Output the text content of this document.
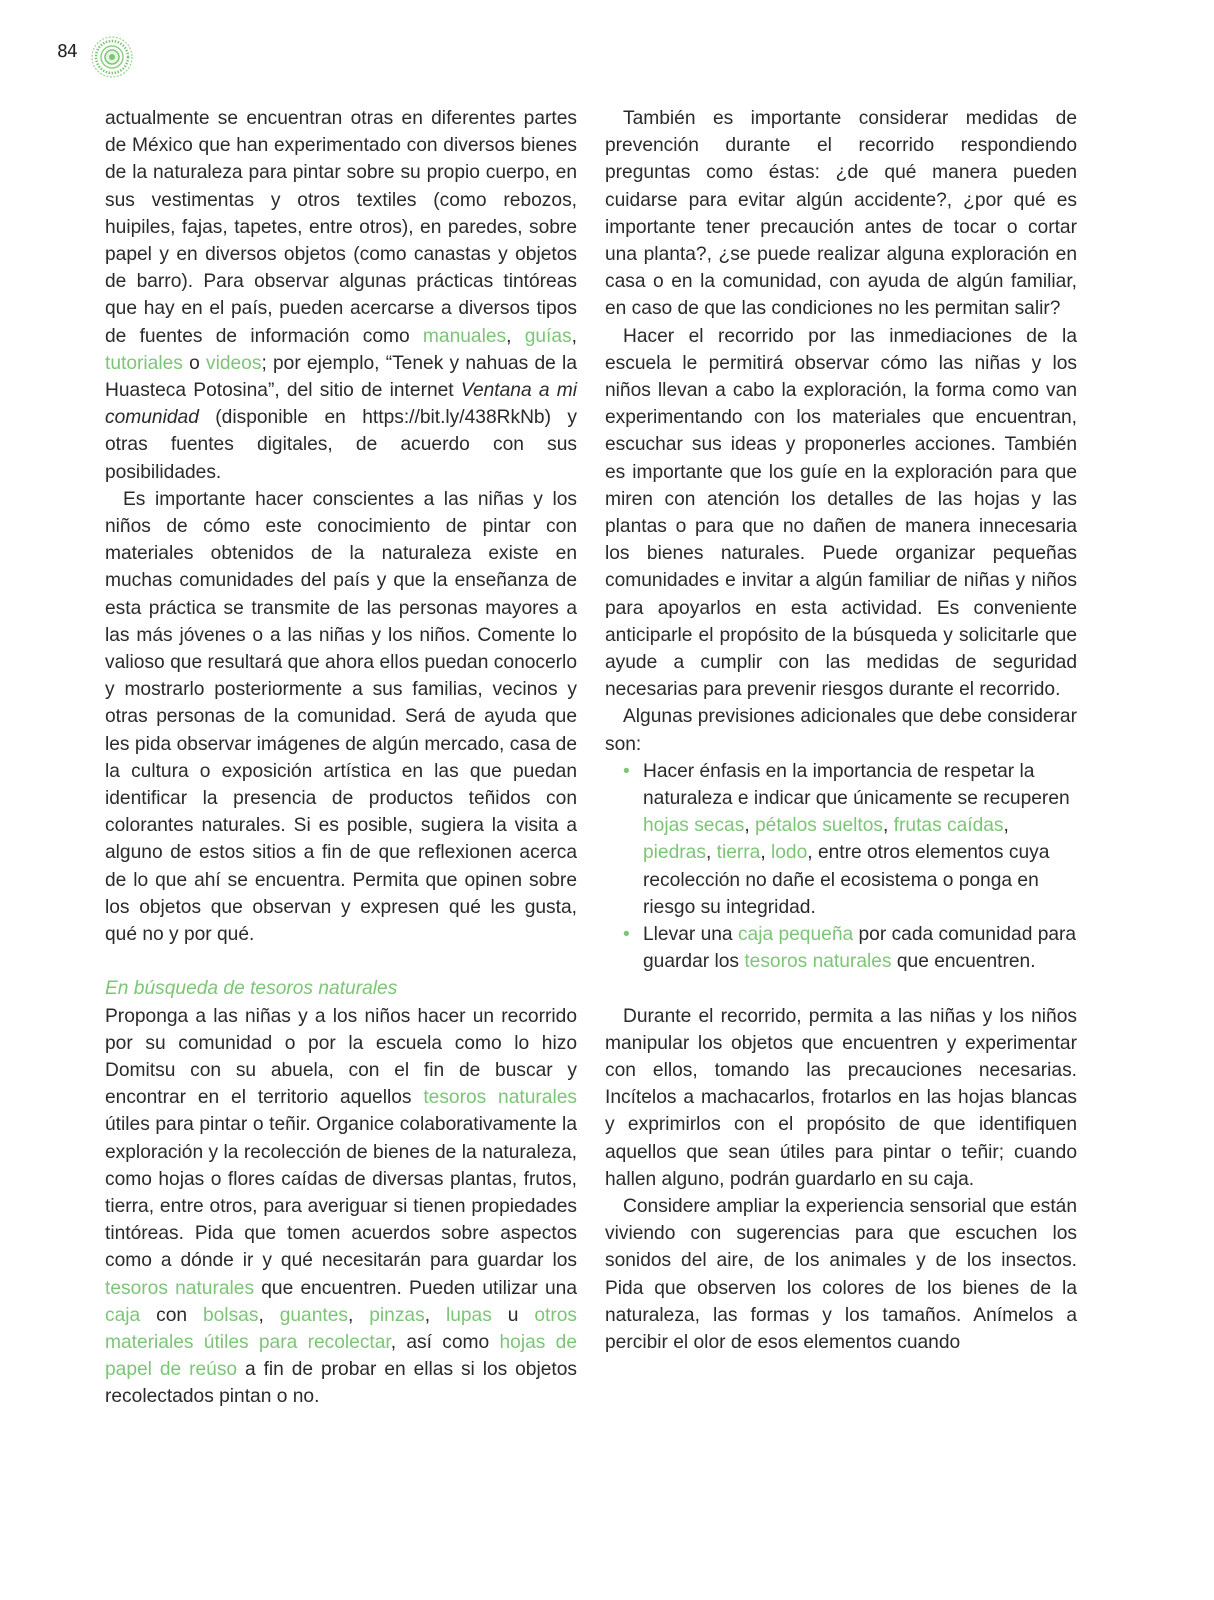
84

actualmente se encuentran otras en diferentes partes de México que han experimentado con diversos bienes de la naturaleza para pintar sobre su propio cuerpo, en sus vestimentas y otros textiles (como rebozos, huipiles, fajas, tapetes, entre otros), en paredes, sobre papel y en diversos objetos (como canastas y objetos de barro). Para observar algunas prácticas tintóreas que hay en el país, pueden acercarse a diversos tipos de fuentes de información como manuales, guías, tutoriales o videos; por ejemplo, “Tenek y nahuas de la Huasteca Potosina”, del sitio de internet Ventana a mi comunidad (disponible en https://bit.ly/438RkNb) y otras fuentes digitales, de acuerdo con sus posibilidades.

Es importante hacer conscientes a las niñas y los niños de cómo este conocimiento de pintar con materiales obtenidos de la naturaleza existe en muchas comunidades del país y que la enseñanza de esta práctica se transmite de las personas mayores a las más jóvenes o a las niñas y los niños. Comente lo valioso que resultará que ahora ellos puedan conocerlo y mostrarlo posteriormente a sus familias, vecinos y otras personas de la comunidad. Será de ayuda que les pida observar imágenes de algún mercado, casa de la cultura o exposición artística en las que puedan identificar la presencia de productos teñidos con colorantes naturales. Si es posible, sugiera la visita a alguno de estos sitios a fin de que reflexionen acerca de lo que ahí se encuentra. Permita que opinen sobre los objetos que observan y expresen qué les gusta, qué no y por qué.

En búsqueda de tesoros naturales

Proponga a las niñas y a los niños hacer un recorrido por su comunidad o por la escuela como lo hizo Domitsu con su abuela, con el fin de buscar y encontrar en el territorio aquellos tesoros naturales útiles para pintar o teñir. Organice colaborativamente la exploración y la recolección de bienes de la naturaleza, como hojas o flores caídas de diversas plantas, frutos, tierra, entre otros, para averiguar si tienen propiedades tintóreas. Pida que tomen acuerdos sobre aspectos como a dónde ir y qué necesitarán para guardar los tesoros naturales que encuentren. Pueden utilizar una caja con bolsas, guantes, pinzas, lupas u otros materiales útiles para recolectar, así como hojas de papel de reúso a fin de probar en ellas si los objetos recolectados pintan o no.

También es importante considerar medidas de prevención durante el recorrido respondiendo preguntas como éstas: ¿de qué manera pueden cuidarse para evitar algún accidente?, ¿por qué es importante tener precaución antes de tocar o cortar una planta?, ¿se puede realizar alguna exploración en casa o en la comunidad, con ayuda de algún familiar, en caso de que las condiciones no les permitan salir?

Hacer el recorrido por las inmediaciones de la escuela le permitirá observar cómo las niñas y los niños llevan a cabo la exploración, la forma como van experimentando con los materiales que encuentran, escuchar sus ideas y proponerles acciones. También es importante que los guíe en la exploración para que miren con atención los detalles de las hojas y las plantas o para que no dañen de manera innecesaria los bienes naturales. Puede organizar pequeñas comunidades e invitar a algún familiar de niñas y niños para apoyarlos en esta actividad. Es conveniente anticiparle el propósito de la búsqueda y solicitarle que ayude a cumplir con las medidas de seguridad necesarias para prevenir riesgos durante el recorrido.

Algunas previsiones adicionales que debe considerar son:

• Hacer énfasis en la importancia de respetar la naturaleza e indicar que únicamente se recuperen hojas secas, pétalos sueltos, frutas caídas, piedras, tierra, lodo, entre otros elementos cuya recolección no dañe el ecosistema o ponga en riesgo su integridad.
• Llevar una caja pequeña por cada comunidad para guardar los tesoros naturales que encuentren.

Durante el recorrido, permita a las niñas y los niños manipular los objetos que encuentren y experimentar con ellos, tomando las precauciones necesarias. Incítelos a machacarlos, frotarlos en las hojas blancas y exprimirlos con el propósito de que identifiquen aquellos que sean útiles para pintar o teñir; cuando hallen alguno, podrán guardarlo en su caja.

Considere ampliar la experiencia sensorial que están viviendo con sugerencias para que escuchen los sonidos del aire, de los animales y de los insectos. Pida que observen los colores de los bienes de la naturaleza, las formas y los tamaños. Anímelos a percibir el olor de esos elementos cuando
